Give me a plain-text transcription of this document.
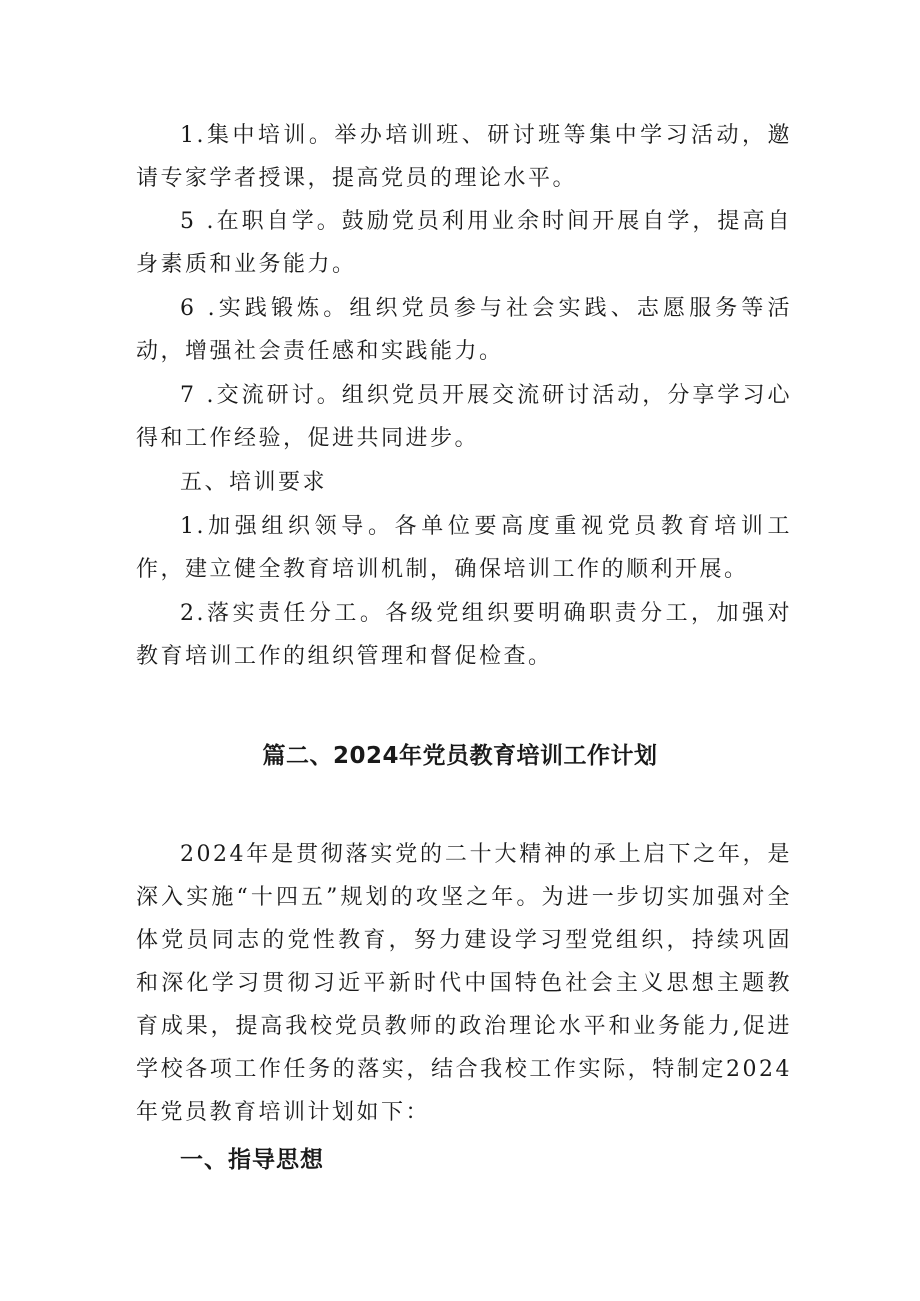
1.集中培训。举办培训班、研讨班等集中学习活动，邀请专家学者授课，提高党员的理论水平。

5 .在职自学。鼓励党员利用业余时间开展自学，提高自身素质和业务能力。

6 .实践锻炼。组织党员参与社会实践、志愿服务等活动，增强社会责任感和实践能力。

7 .交流研讨。组织党员开展交流研讨活动，分享学习心得和工作经验，促进共同进步。

五、培训要求

1.加强组织领导。各单位要高度重视党员教育培训工作，建立健全教育培训机制，确保培训工作的顺利开展。

2.落实责任分工。各级党组织要明确职责分工，加强对教育培训工作的组织管理和督促检查。

篇二、2024年党员教育培训工作计划

2024年是贯彻落实党的二十大精神的承上启下之年，是深入实施“十四五”规划的攻坚之年。为进一步切实加强对全体党员同志的党性教育，努力建设学习型党组织，持续巩固和深化学习贯彻习近平新时代中国特色社会主义思想主题教育成果，提高我校党员教师的政治理论水平和业务能力,促进学校各项工作任务的落实，结合我校工作实际，特制定2024年党员教育培训计划如下：

一、指导思想
